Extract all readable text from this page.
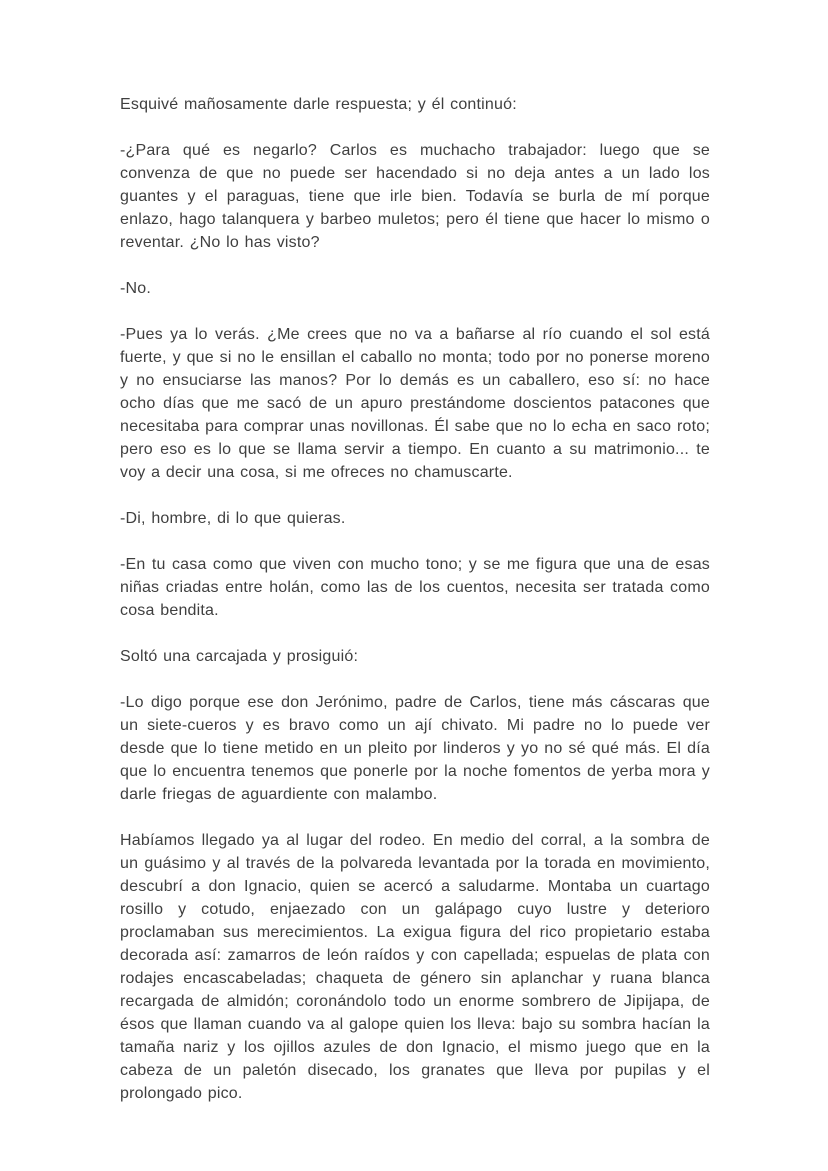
Esquivé mañosamente darle respuesta; y él continuó:

-¿Para qué es negarlo? Carlos es muchacho trabajador: luego que se convenza de que no puede ser hacendado si no deja antes a un lado los guantes y el paraguas, tiene que irle bien. Todavía se burla de mí porque enlazo, hago talanquera y barbeo muletos; pero él tiene que hacer lo mismo o reventar. ¿No lo has visto?

-No.

-Pues ya lo verás. ¿Me crees que no va a bañarse al río cuando el sol está fuerte, y que si no le ensillan el caballo no monta; todo por no ponerse moreno y no ensuciarse las manos? Por lo demás es un caballero, eso sí: no hace ocho días que me sacó de un apuro prestándome doscientos patacones que necesitaba para comprar unas novillonas. Él sabe que no lo echa en saco roto; pero eso es lo que se llama servir a tiempo. En cuanto a su matrimonio... te voy a decir una cosa, si me ofreces no chamuscarte.

-Di, hombre, di lo que quieras.

-En tu casa como que viven con mucho tono; y se me figura que una de esas niñas criadas entre holán, como las de los cuentos, necesita ser tratada como cosa bendita.

Soltó una carcajada y prosiguió:

-Lo digo porque ese don Jerónimo, padre de Carlos, tiene más cáscaras que un siete-cueros y es bravo como un ají chivato. Mi padre no lo puede ver desde que lo tiene metido en un pleito por linderos y yo no sé qué más. El día que lo encuentra tenemos que ponerle por la noche fomentos de yerba mora y darle friegas de aguardiente con malambo.

Habíamos llegado ya al lugar del rodeo. En medio del corral, a la sombra de un guásimo y al través de la polvareda levantada por la torada en movimiento, descubrí a don Ignacio, quien se acercó a saludarme. Montaba un cuartago rosillo y cotudo, enjaezado con un galápago cuyo lustre y deterioro proclamaban sus merecimientos. La exigua figura del rico propietario estaba decorada así: zamarros de león raídos y con capellada; espuelas de plata con rodajes encascabeladas; chaqueta de género sin aplanchar y ruana blanca recargada de almidón; coronándolo todo un enorme sombrero de Jipijapa, de ésos que llaman cuando va al galope quien los lleva: bajo su sombra hacían la tamaña nariz y los ojillos azules de don Ignacio, el mismo juego que en la cabeza de un paletón disecado, los granates que lleva por pupilas y el prolongado pico.
